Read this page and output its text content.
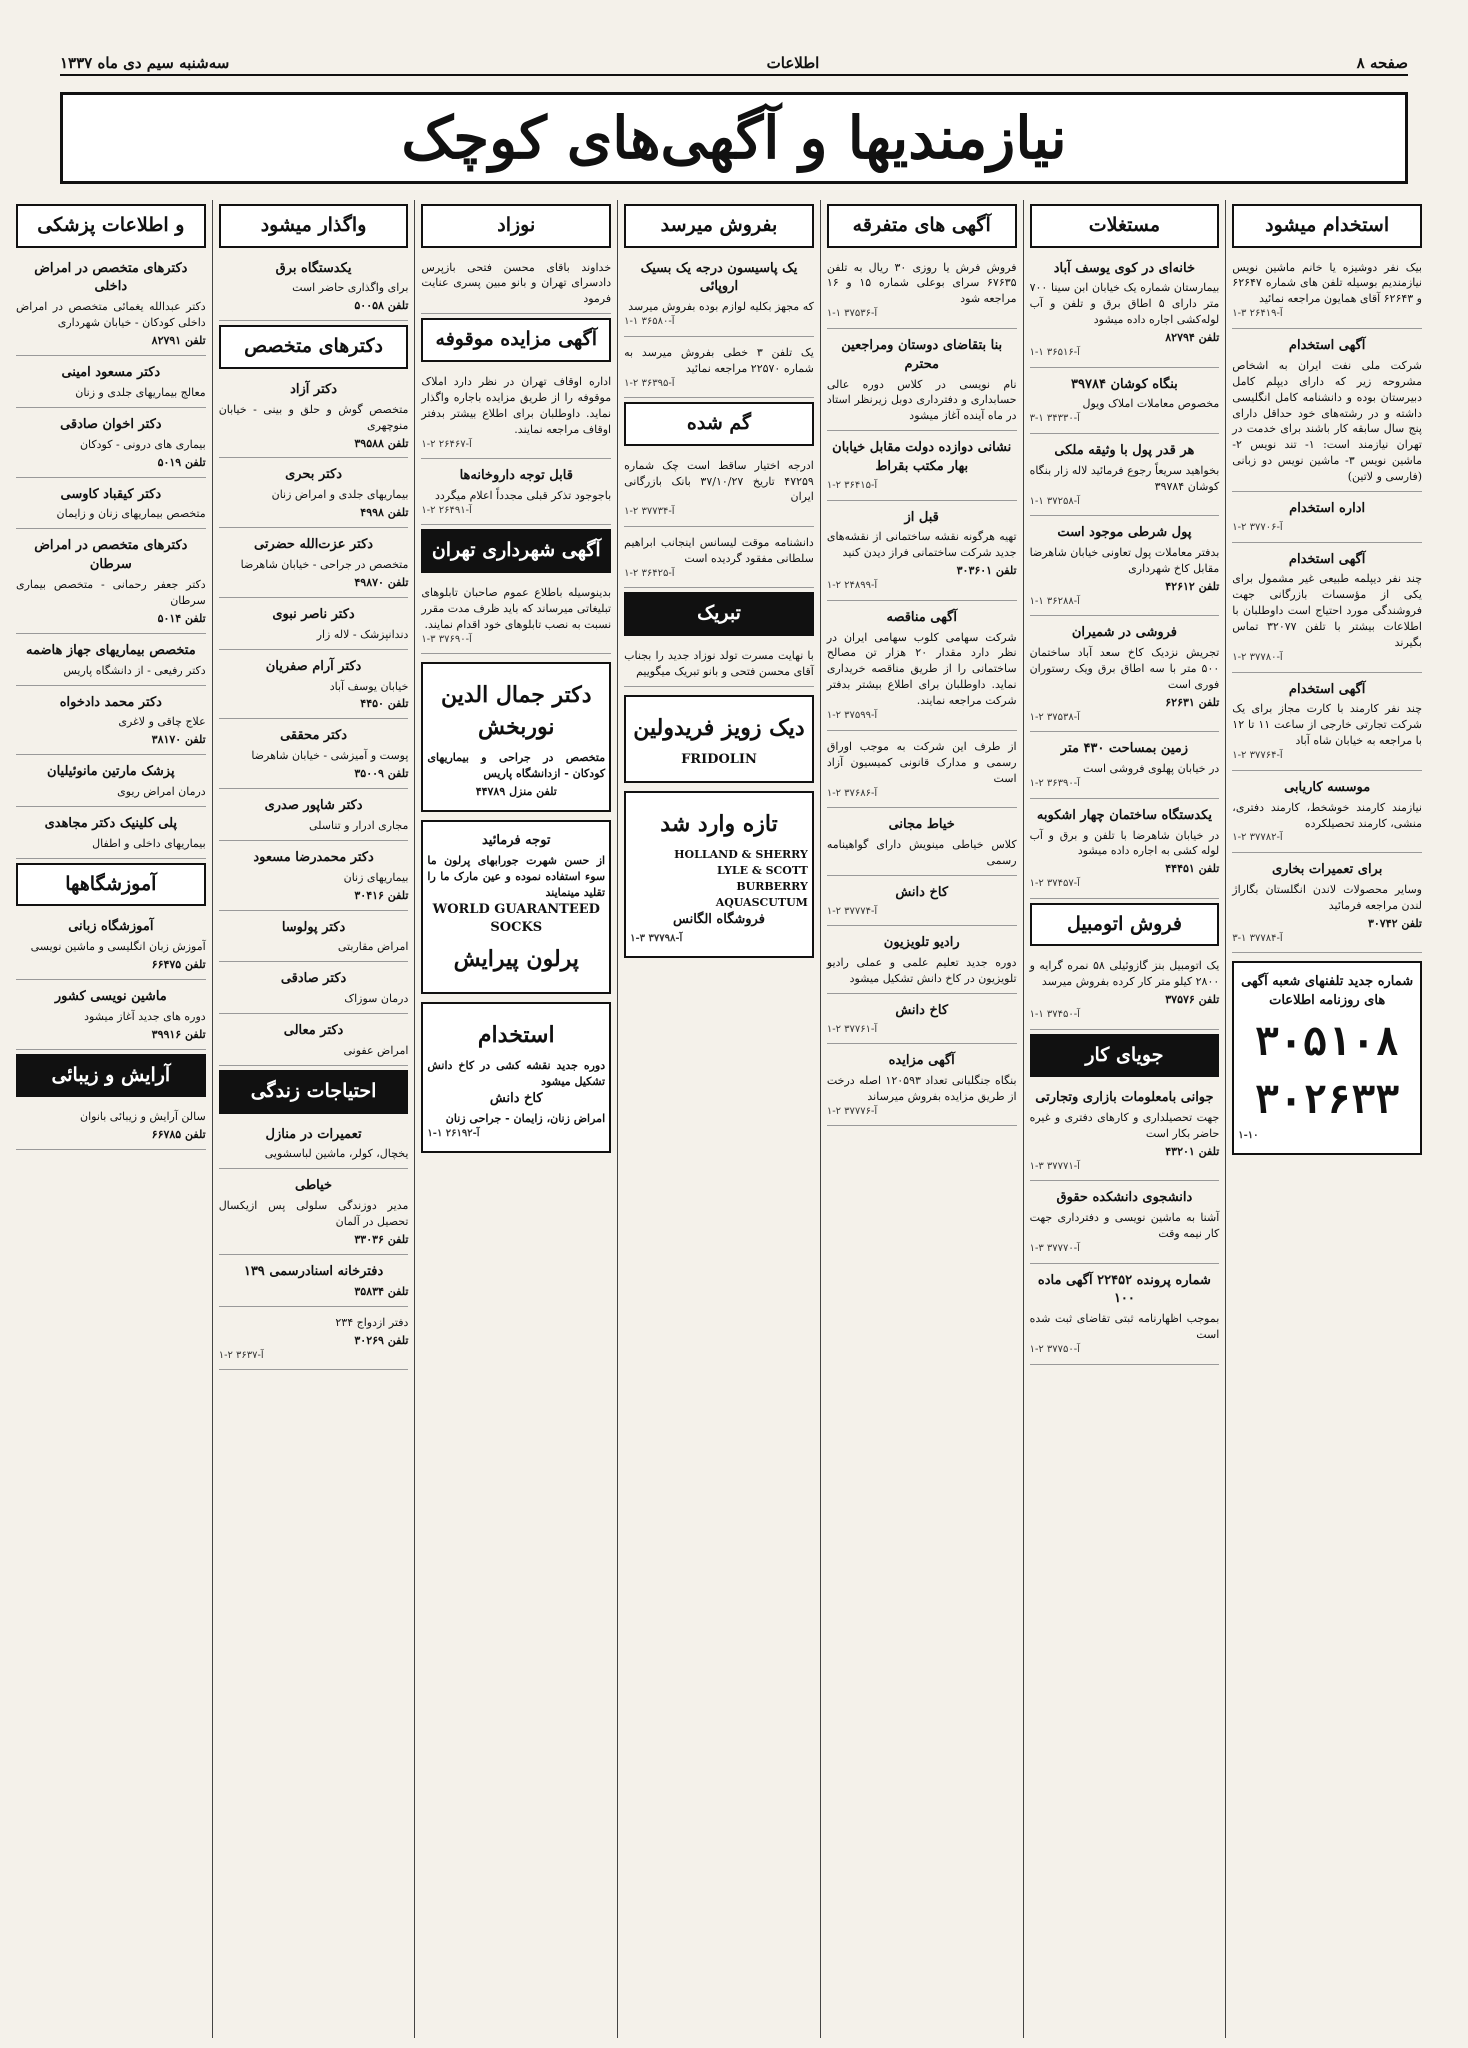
صفحه ۸
اطلاعات
سه‌شنبه سیم دی ماه ۱۳۳۷
نیازمندیها و آگهی‌های کوچک
استخدام میشود
بیک نفر دوشیزه یا خانم ماشین نویس نیازمندیم بوسیله تلفن های شماره ۶۲۶۴۷ و ۶۲۶۴۳ آقای همایون مراجعه نمائید
آ-۲۶۴۱۹ ۳-۱
آگهی استخدام
شرکت ملی نفت ایران به اشخاص مشروحه زیر که دارای دیپلم کامل دبیرستان بوده و دانشنامه کامل انگلیسی داشته و در رشته‌های خود حداقل دارای پنج سال سابقه کار باشند برای خدمت در تهران نیازمند است: ۱- تند نویس ۲- ماشین نویس ۳- ماشین نویس دو زبانی (فارسی و لاتین)
اداره استخدام
آ-۳۷۷۰۶ ۲-۱
آگهی استخدام
چند نفر دیپلمه طبیعی غیر مشمول برای یکی از مؤسسات بازرگانی جهت فروشندگی مورد احتیاج است داوطلبان با اطلاعات بیشتر با تلفن ۳۲۰۷۷ تماس بگیرند
آ-۳۷۷۸۰ ۲-۱
آگهی استخدام
چند نفر کارمند با کارت مجاز برای یک شرکت تجارتی خارجی از ساعت ۱۱ تا ۱۲ با مراجعه به خیابان شاه آباد
آ-۳۷۷۶۴ ۲-۱
موسسه کاریابی
نیازمند کارمند خوشخط، کارمند دفتری، منشی، کارمند تحصیلکرده
آ-۳۷۷۸۲ ۲-۱
برای تعمیرات بخاری
وسایر محصولات لاندن انگلستان بگاراژ لندن مراجعه فرمائید
تلفن ۳۰۷۴۲
آ-۳۷۷۸۴ ۱-۳
شماره جدید تلفنهای شعبه آگهی های روزنامه اطلاعات
۳۰۵۱۰۸
۳۰۲۶۳۳
۱-۱۰
مستغلات
خانه‌ای در کوی یوسف آباد
بیمارستان شماره یک خیابان ابن سینا ۷۰۰ متر دارای ۵ اطاق برق و تلفن و آب لوله‌کشی اجاره داده میشود
تلفن ۸۲۷۹۴
آ-۳۶۵۱۶ ۱-۱
بنگاه کوشان ۳۹۷۸۴
مخصوص معاملات املاک ویول
آ-۳۴۳۳۰ ۱-۳
هر قدر پول با وثیقه ملکی
بخواهید سریعاً رجوع فرمائید لاله زار بنگاه کوشان ۳۹۷۸۴
آ-۳۷۲۵۸ ۱-۱
پول شرطی موجود است
بدفتر معاملات پول تعاونی خیابان شاهرضا مقابل کاخ شهرداری
تلفن ۴۲۶۱۲
آ-۳۶۲۸۸ ۱-۱
فروشی در شمیران
تجریش نزدیک کاخ سعد آباد ساختمان ۵۰۰ متر با سه اطاق برق ویک رستوران فوری است
تلفن ۶۲۶۳۱
آ-۳۷۵۳۸ ۲-۱
زمین بمساحت ۴۳۰ متر
در خیابان پهلوی فروشی است
آ-۳۶۳۹۰ ۲-۱
یکدستگاه ساختمان چهار اشکوبه
در خیابان شاهرضا با تلفن و برق و آب لوله کشی به اجاره داده میشود
تلفن ۴۴۴۵۱
آ-۳۷۴۵۷ ۲-۱
فروش اتومبیل
یک اتومبیل بنز گازوئیلی ۵۸ نمره گرایه و ۲۸۰۰ کیلو متر کار کرده بفروش میرسد
تلفن ۳۷۵۷۶
آ-۳۷۴۵۰ ۱-۱
جویای کار
جوانی بامعلومات بازاری وتجارتی
جهت تحصیلداری و کارهای دفتری و غیره حاضر بکار است
تلفن ۴۳۲۰۱
آ-۳۷۷۷۱ ۳-۱
دانشجوی دانشکده حقوق
آشنا به ماشین نویسی و دفترداری جهت کار نیمه وقت
آ-۳۷۷۷۰ ۳-۱
شماره پرونده ۲۲۴۵۲ آگهی ماده ۱۰۰
بموجب اظهارنامه ثبتی تقاضای ثبت شده است
آ-۳۷۷۵۰ ۲-۱
آگهی های متفرقه
فروش فرش یا روزی ۳۰ ریال به تلفن ۶۷۶۳۵ سرای بوعلی شماره ۱۵ و ۱۶ مراجعه شود
آ-۳۷۵۳۶ ۱-۱
بنا بتقاضای دوستان ومراجعین محترم
نام نویسی در کلاس دوره عالی حسابداری و دفترداری دوبل زیرنظر استاد در ماه آینده آغاز میشود
نشانی دوازده دولت مقابل خیابان بهار مکتب بقراط
آ-۳۶۴۱۵ ۲-۱
قبل از
تهیه هرگونه نقشه ساختمانی از نقشه‌های جدید شرکت ساختمانی فراز دیدن کنید
تلفن ۳۰۳۶۰۱
آ-۲۴۸۹۹ ۲-۱
آگهی مناقصه
شرکت سهامی کلوب سهامی ایران در نظر دارد مقدار ۲۰ هزار تن مصالح ساختمانی را از طریق مناقصه خریداری نماید. داوطلبان برای اطلاع بیشتر بدفتر شرکت مراجعه نمایند.
آ-۳۷۵۹۹ ۲-۱
از طرف این شرکت به موجب اوراق رسمی و مدارک قانونی کمیسیون آزاد است
آ-۳۷۶۸۶ ۲-۱
خیاط مجانی
کلاس خیاطی مینویش دارای گواهینامه رسمی
کاخ دانش
آ-۳۷۷۷۴ ۲-۱
رادیو تلویزیون
دوره جدید تعلیم علمی و عملی رادیو تلویزیون در کاخ دانش تشکیل میشود
کاخ دانش
آ-۳۷۷۶۱ ۲-۱
آگهی مزایده
بنگاه جنگلبانی تعداد ۱۲۰۵۹۳ اصله درخت از طریق مزایده بفروش میرساند
آ-۳۷۷۷۶ ۲-۱
بفروش میرسد
یک پاسیسون درجه یک بسیک اروپائی
که مجهز بکلیه لوازم بوده بفروش میرسد
آ-۳۶۵۸۰ ۱-۱
یک تلفن ۳ خطی بفروش میرسد به شماره ۲۲۵۷۰ مراجعه نمائید
آ-۳۶۳۹۵ ۲-۱
گم شده
ادرجه اختیار ساقط است چک شماره ۴۷۲۵۹ تاریخ ۳۷/۱۰/۲۷ بانک بازرگانی ایران
آ-۳۷۷۳۴ ۲-۱
دانشنامه موقت لیسانس اینجانب ابراهیم سلطانی مفقود گردیده است
آ-۳۶۴۲۵ ۲-۱
تبریک
با نهایت مسرت تولد نوزاد جدید را بجناب آقای محسن فتحی و بانو تبریک میگوییم
دیک زویز فریدولین
FRIDOLIN
تازه وارد شد
HOLLAND & SHERRY
LYLE & SCOTT
BURBERRY
AQUASCUTUM
فروشگاه الگانس
آ-۳۷۷۹۸ ۳-۱
نوزاد
خداوند باقای محسن فتحی بازپرس دادسرای تهران و بانو مبین پسری عنایت فرمود
آگهی مزایده موقوفه
اداره اوقاف تهران در نظر دارد املاک موقوفه را از طریق مزایده باجاره واگذار نماید. داوطلبان برای اطلاع بیشتر بدفتر اوقاف مراجعه نمایند.
آ-۲۶۴۶۷ ۲-۱
قابل توجه داروخانه‌ها
باجوجود تذکر قبلی مجدداً اعلام میگردد
آ-۲۶۴۹۱ ۲-۱
آگهی شهرداری تهران
بدینوسیله باطلاع عموم صاحبان تابلوهای تبلیغاتی میرساند که باید ظرف مدت مقرر نسبت به نصب تابلوهای خود اقدام نمایند.
آ-۳۷۶۹۰ ۳-۱
دکتر جمال الدین نوربخش
متخصص در جراحی و بیماریهای کودکان - ازدانشگاه پاریس
تلفن منزل ۴۴۷۸۹
توجه فرمائید
از حسن شهرت جورابهای پرلون ما سوء استفاده نموده و عین مارک ما را تقلید مینمایند
WORLD GUARANTEED SOCKS
پرلون پیرایش
استخدام
دوره جدید نقشه کشی در کاخ دانش تشکیل میشود
کاخ دانش
امراض زنان، زایمان - جراحی زنان
آ-۲۶۱۹۲ ۱-۱
واگذار میشود
یکدستگاه برق
برای واگذاری حاضر است
تلفن ۵۰۰۵۸
دکترهای متخصص
دکتر آزاد
متخصص گوش و حلق و بینی - خیابان منوچهری
تلفن ۳۹۵۸۸
دکتر بحری
بیماریهای جلدی و امراض زنان
تلفن ۴۹۹۸
دکتر عزت‌الله حضرتی
متخصص در جراحی - خیابان شاهرضا
تلفن ۴۹۸۷۰
دکتر ناصر نبوی
دندانپزشک - لاله زار
دکتر آرام صفریان
خیابان یوسف آباد
تلفن ۴۴۵۰
دکتر محققی
پوست و آمیزشی - خیابان شاهرضا
تلفن ۳۵۰۰۹
دکتر شاپور صدری
مجاری ادرار و تناسلی
دکتر محمدرضا مسعود
بیماریهای زنان
تلفن ۳۰۴۱۶
دکتر پولوسا
امراض مقاربتی
دکتر صادقی
درمان سوزاک
دکتر معالی
امراض عفونی
احتیاجات زندگی
تعمیرات در منازل
یخچال، کولر، ماشین لباسشویی
خیاطی
مدیر دوزندگی سلولی پس ازیکسال تحصیل در آلمان
تلفن ۳۳۰۳۶
دفترخانه اسنادرسمی ۱۳۹
تلفن ۳۵۸۳۴
دفتر ازدواج ۲۳۴
تلفن ۳۰۲۶۹
آ-۳۶۳۷ ۲-۱
و اطلاعات پزشکی
دکترهای متخصص در امراض داخلی
دکتر عبدالله یغمائی متخصص در امراض داخلی کودکان - خیابان شهرداری
تلفن ۸۲۷۹۱
دکتر مسعود امینی
معالج بیماریهای جلدی و زنان
دکتر اخوان صادقی
بیماری های درونی - کودکان
تلفن ۵۰۱۹
دکتر کیقباد کاوسی
متخصص بیماریهای زنان و زایمان
دکترهای متخصص در امراض سرطان
دکتر جعفر رحمانی - متخصص بیماری سرطان
تلفن ۵۰۱۴
متخصص بیماریهای جهاز هاضمه
دکتر رفیعی - از دانشگاه پاریس
دکتر محمد دادخواه
علاج چاقی و لاغری
تلفن ۳۸۱۷۰
پزشک مارتین مانوئیلیان
درمان امراض ریوی
پلی کلینیک دکتر مجاهدی
بیماریهای داخلی و اطفال
آموزشگاهها
آموزشگاه زبانی
آموزش زبان انگلیسی و ماشین نویسی
تلفن ۶۶۴۷۵
ماشین نویسی کشور
دوره های جدید آغاز میشود
تلفن ۳۹۹۱۶
آرایش و زیبائی
سالن آرایش و زیبائی بانوان
تلفن ۶۶۷۸۵
